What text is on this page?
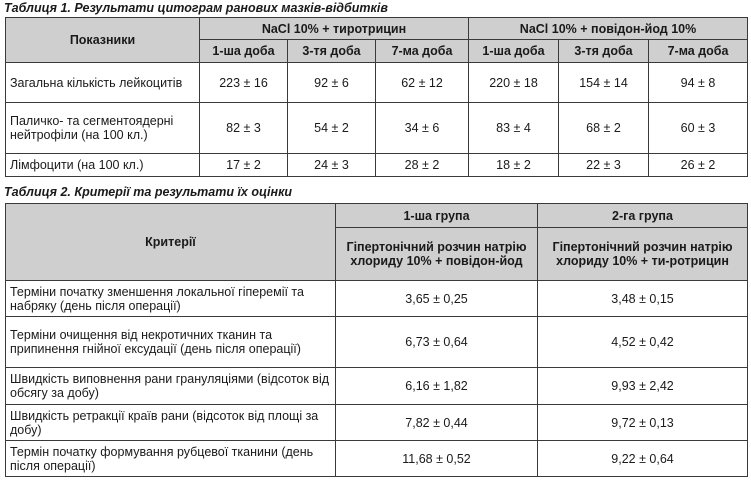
Таблиця 1. Результати цитограм ранових мазків-відбитків
Показники	NaCl 10% + тиротрицин			NaCl 10% + повідон-йод 10%		
	1-ша доба	3-тя доба	7-ма доба	1-ша доба	3-тя доба	7-ма доба
Загальна кількість лейкоцитів	223 ± 16	92 ± 6	62 ± 12	220 ± 18	154 ± 14	94 ± 8
Паличко- та сегментоядерні нейтрофіли (на 100 кл.)	82 ± 3	54 ± 2	34 ± 6	83 ± 4	68 ± 2	60 ± 3
Лімфоцити (на 100 кл.)	17 ± 2	24 ± 3	28 ± 2	18 ± 2	22 ± 3	26 ± 2
Таблиця 2. Критерії та результати їх оцінки
Критерії	1-ша група	2-га група
	Гіпертонічний розчин натрію хлориду 10% + повідон-йод	Гіпертонічний розчин натрію хлориду 10% + ти-ротрицин
Терміни початку зменшення локальної гіперемії та набряку (день після операції)	3,65 ± 0,25	3,48 ± 0,15
Терміни очищення від некротичних тканин та припинення гнійної ексудації (день після операції)	6,73 ± 0,64	4,52 ± 0,42
Швидкість виповнення рани грануляціями (відсоток від обсягу за добу)	6,16 ± 1,82	9,93 ± 2,42
Швидкість ретракції країв рани (відсоток від площі за добу)	7,82 ± 0,44	9,72 ± 0,13
Термін початку формування рубцевої тканини (день після операції)	11,68 ± 0,52	9,22 ± 0,64
